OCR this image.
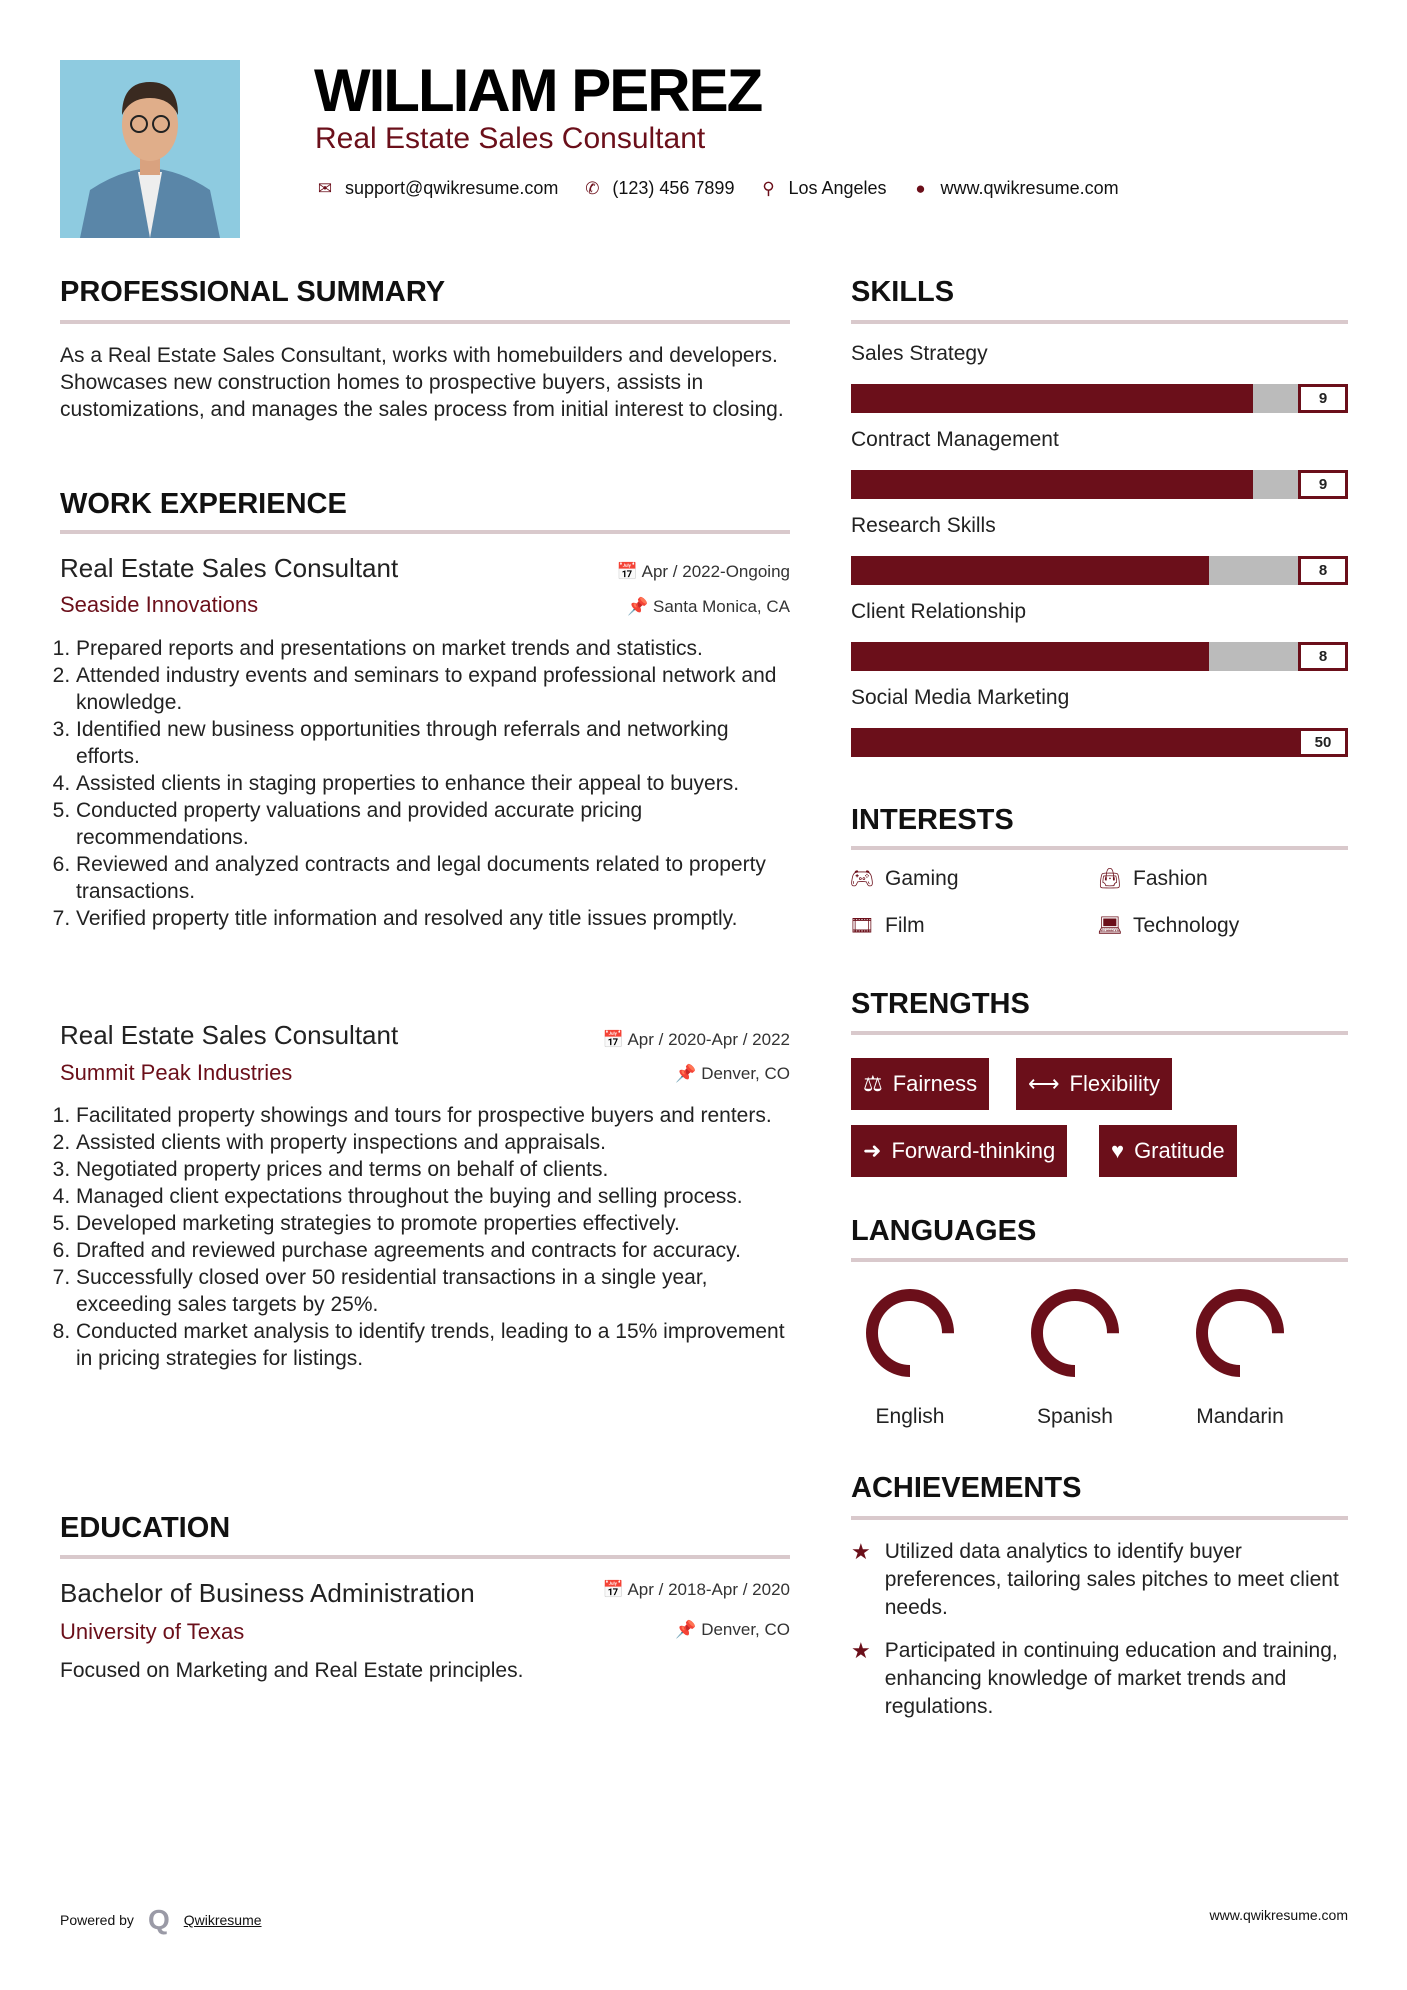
WILLIAM PEREZ
Real Estate Sales Consultant
✉ support@qwikresume.com ✆ (123) 456 7899 ⚲ Los Angeles ● www.qwikresume.com
PROFESSIONAL SUMMARY
As a Real Estate Sales Consultant, works with homebuilders and developers. Showcases new construction homes to prospective buyers, assists in customizations, and manages the sales process from initial interest to closing.
WORK EXPERIENCE
Real Estate Sales Consultant	📅 Apr / 2022-Ongoing
Seaside Innovations	📌 Santa Monica, CA
1. Prepared reports and presentations on market trends and statistics.
2. Attended industry events and seminars to expand professional network and knowledge.
3. Identified new business opportunities through referrals and networking efforts.
4. Assisted clients in staging properties to enhance their appeal to buyers.
5. Conducted property valuations and provided accurate pricing recommendations.
6. Reviewed and analyzed contracts and legal documents related to property transactions.
7. Verified property title information and resolved any title issues promptly.
Real Estate Sales Consultant	📅 Apr / 2020-Apr / 2022
Summit Peak Industries	📌 Denver, CO
1. Facilitated property showings and tours for prospective buyers and renters.
2. Assisted clients with property inspections and appraisals.
3. Negotiated property prices and terms on behalf of clients.
4. Managed client expectations throughout the buying and selling process.
5. Developed marketing strategies to promote properties effectively.
6. Drafted and reviewed purchase agreements and contracts for accuracy.
7. Successfully closed over 50 residential transactions in a single year, exceeding sales targets by 25%.
8. Conducted market analysis to identify trends, leading to a 15% improvement in pricing strategies for listings.
EDUCATION
Bachelor of Business Administration	📅 Apr / 2018-Apr / 2020
University of Texas	📌 Denver, CO
Focused on Marketing and Real Estate principles.
SKILLS
Sales Strategy
9
Contract Management
9
Research Skills
8
Client Relationship
8
Social Media Marketing
50
INTERESTS
🎮︎ Gaming	👜︎ Fashion
🎞︎ Film	💻︎ Technology
STRENGTHS
⚖ Fairness ⟷ Flexibility
➜ Forward-thinking	♥ Gratitude
LANGUAGES
English	Spanish	Mandarin
ACHIEVEMENTS
★ Utilized data analytics to identify buyer preferences, tailoring sales pitches to meet client needs.
★ Participated in continuing education and training, enhancing knowledge of market trends and regulations.
Powered by Q Qwikresume	www.qwikresume.com
